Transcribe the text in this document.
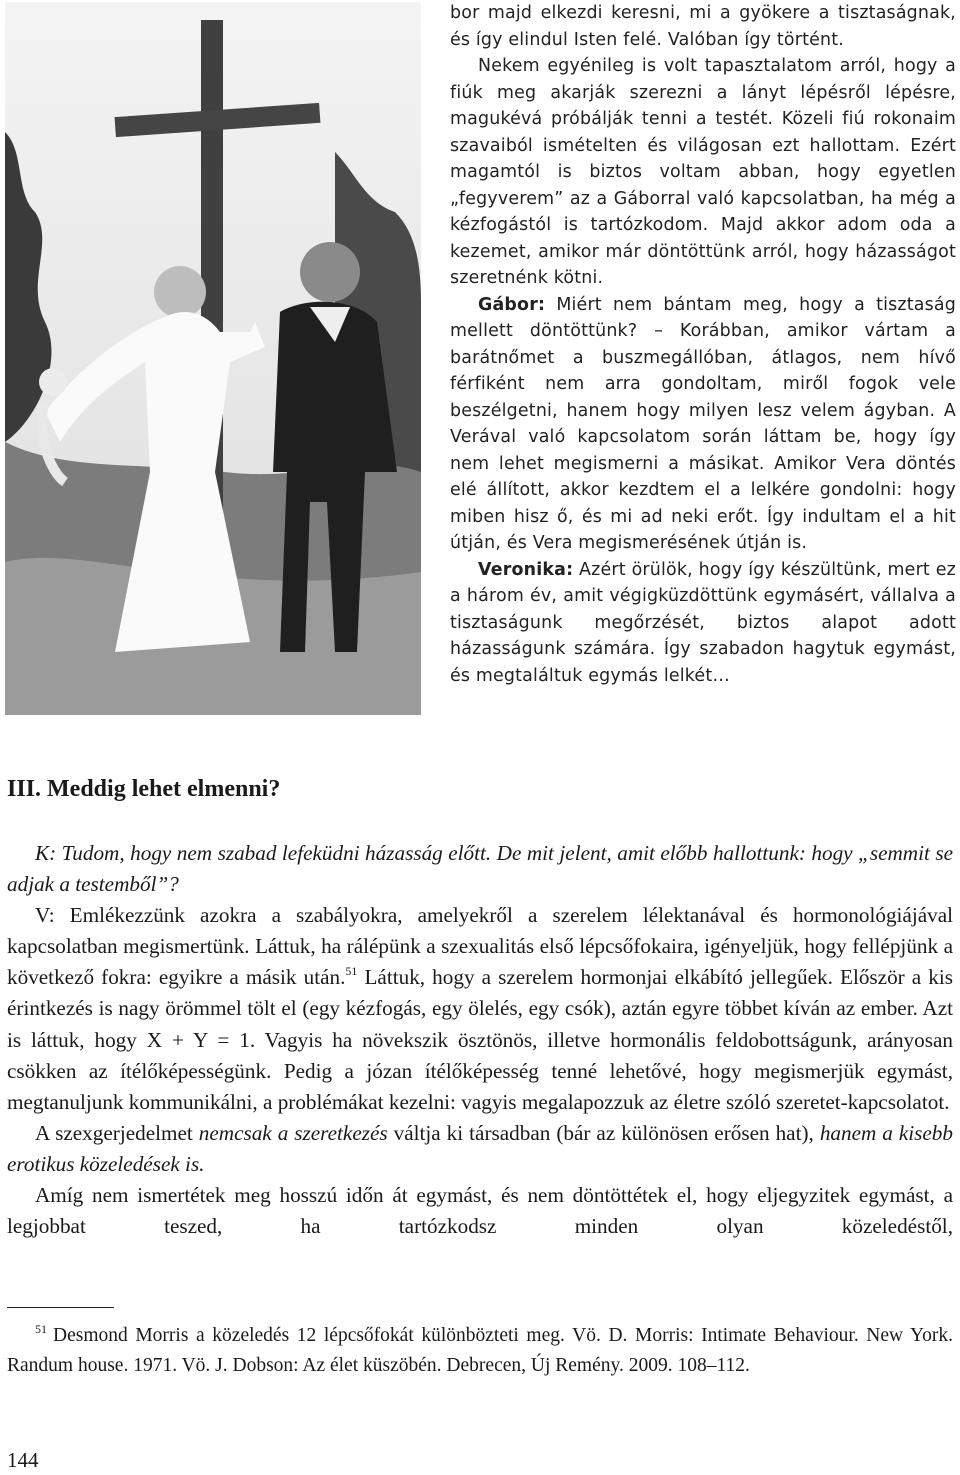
bor majd elkezdi keresni, mi a gyökere a tisztaságnak, és így elindul Isten felé. Valóban így történt.

Nekem egyénileg is volt tapasztalatom arról, hogy a fiúk meg akarják szerezni a lányt lépésről lépésre, magukévá próbálják tenni a testét. Közeli fiú rokonaim szavaiból ismételten és világosan ezt hallottam. Ezért magamtól is biztos voltam abban, hogy egyetlen „fegyverem” az a Gáborral való kapcsolatban, ha még a kézfogástól is tartózkodom. Majd akkor adom oda a kezemet, amikor már döntöttünk arról, hogy házasságot szeretnénk kötni.

Gábor: Miért nem bántam meg, hogy a tisztaság mellett döntöttünk? – Korábban, amikor vártam a barátnőmet a buszmegállóban, átlagos, nem hívő férfiként nem arra gondoltam, miről fogok vele beszélgetni, hanem hogy milyen lesz velem ágyban. A Verával való kapcsolatom során láttam be, hogy így nem lehet megismerni a másikat. Amikor Vera döntés elé állított, akkor kezdtem el a lelkére gondolni: hogy miben hisz ő, és mi ad neki erőt. Így indultam el a hit útján, és Vera megismerésének útján is.

Veronika: Azért örülök, hogy így készültünk, mert ez a három év, amit végigküzdöttünk egymásért, vállalva a tisztaságunk megőrzését, biztos alapot adott házasságunk számára. Így szabadon hagytuk egymást, és megtaláltuk egymás lelkét…

III. Meddig lehet elmenni?

K: Tudom, hogy nem szabad lefeküdni házasság előtt. De mit jelent, amit előbb hallottunk: hogy „semmit se adjak a testemből”?

V: Emlékezzünk azokra a szabályokra, amelyekről a szerelem lélektanával és hormonológiájával kapcsolatban megismertünk. Láttuk, ha rálépünk a szexualitás első lépcsőfokaira, igényeljük, hogy fellépjünk a következő fokra: egyikre a másik után.$^{51}$ Láttuk, hogy a szerelem hormonjai elkábító jellegűek. Először a kis érintkezés is nagy örömmel tölt el (egy kézfogás, egy ölelés, egy csók), aztán egyre többet kíván az ember. Azt is láttuk, hogy X + Y = 1. Vagyis ha növekszik ösztönös, illetve hormonális feldobottságunk, arányosan csökken az ítélőképességünk. Pedig a józan ítélőképesség tenné lehetővé, hogy megismerjük egymást, megtanuljunk kommunikálni, a problémákat kezelni: vagyis megalapozzuk az életre szóló szeretet-kapcsolatot.

A szexgerjedelmet nemcsak a szeretkezés váltja ki társadban (bár az különösen erősen hat), hanem a kisebb erotikus közeledések is.

Amíg nem ismertétek meg hosszú időn át egymást, és nem döntöttétek el, hogy eljegyzitek egymást, a legjobbat teszed, ha tartózkodsz minden olyan közeledéstől,

$^{51}$ Desmond Morris a közeledés 12 lépcsőfokát különbözteti meg. Vö. D. Morris: Intimate Behaviour. New York. Randum house. 1971. Vö. J. Dobson: Az élet küszöbén. Debrecen, Új Remény. 2009. 108–112.
144
